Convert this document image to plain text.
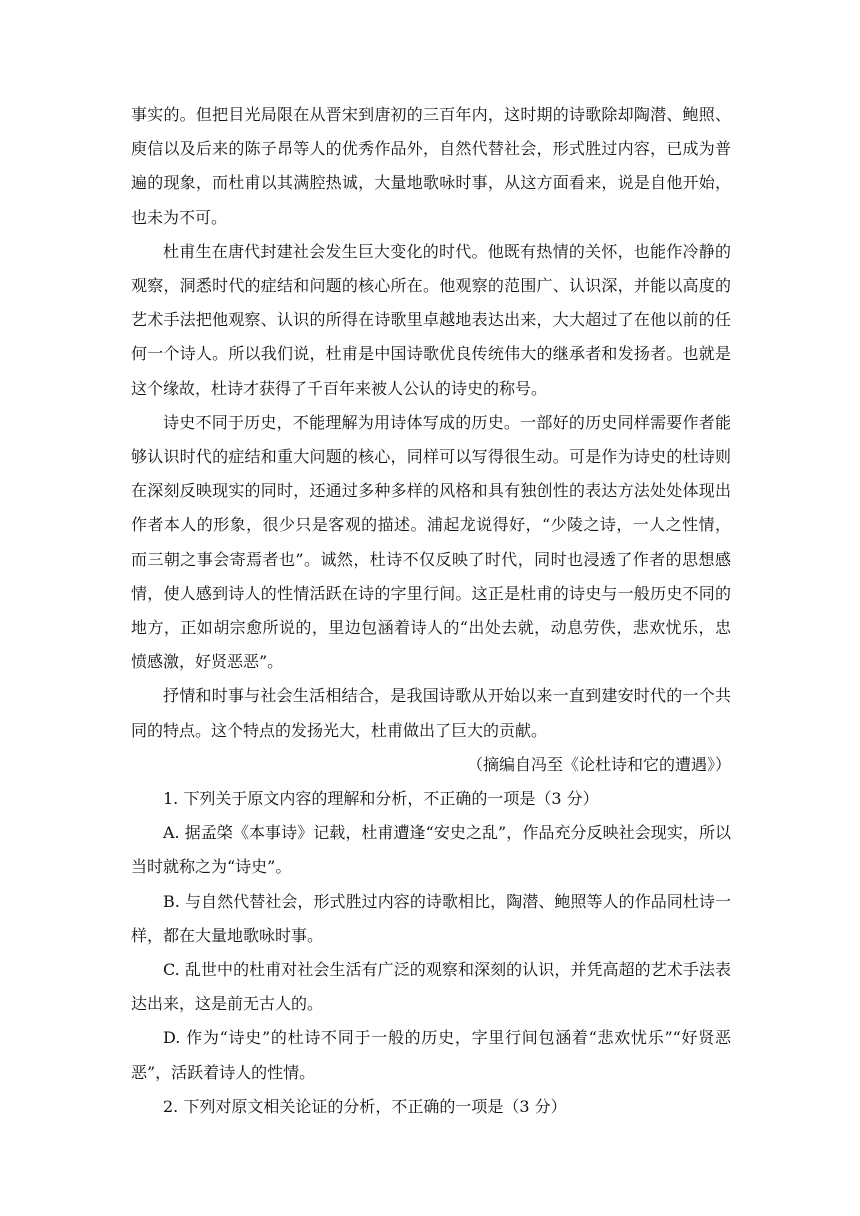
事实的。但把目光局限在从晋宋到唐初的三百年内，这时期的诗歌除却陶潜、鲍照、庾信以及后来的陈子昂等人的优秀作品外，自然代替社会，形式胜过内容，已成为普遍的现象，而杜甫以其满腔热诚，大量地歌咏时事，从这方面看来，说是自他开始，也未为不可。

杜甫生在唐代封建社会发生巨大变化的时代。他既有热情的关怀，也能作冷静的观察，洞悉时代的症结和问题的核心所在。他观察的范围广、认识深，并能以高度的艺术手法把他观察、认识的所得在诗歌里卓越地表达出来，大大超过了在他以前的任何一个诗人。所以我们说，杜甫是中国诗歌优良传统伟大的继承者和发扬者。也就是这个缘故，杜诗才获得了千百年来被人公认的诗史的称号。

诗史不同于历史，不能理解为用诗体写成的历史。一部好的历史同样需要作者能够认识时代的症结和重大问题的核心，同样可以写得很生动。可是作为诗史的杜诗则在深刻反映现实的同时，还通过多种多样的风格和具有独创性的表达方法处处体现出作者本人的形象，很少只是客观的描述。浦起龙说得好，“少陵之诗，一人之性情，而三朝之事会寄焉者也”。诚然，杜诗不仅反映了时代，同时也浸透了作者的思想感情，使人感到诗人的性情活跃在诗的字里行间。这正是杜甫的诗史与一般历史不同的地方，正如胡宗愈所说的，里边包涵着诗人的“出处去就，动息劳佚，悲欢忧乐，忠愤感激，好贤恶恶”。

抒情和时事与社会生活相结合，是我国诗歌从开始以来一直到建安时代的一个共同的特点。这个特点的发扬光大，杜甫做出了巨大的贡献。

（摘编自冯至《论杜诗和它的遭遇》）

1. 下列关于原文内容的理解和分析，不正确的一项是（3 分）

A. 据孟棨《本事诗》记载，杜甫遭逢“安史之乱”，作品充分反映社会现实，所以当时就称之为“诗史”。

B. 与自然代替社会，形式胜过内容的诗歌相比，陶潜、鲍照等人的作品同杜诗一样，都在大量地歌咏时事。

C. 乱世中的杜甫对社会生活有广泛的观察和深刻的认识，并凭高超的艺术手法表达出来，这是前无古人的。

D. 作为“诗史”的杜诗不同于一般的历史，字里行间包涵着“悲欢忧乐”“好贤恶恶”，活跃着诗人的性情。

2. 下列对原文相关论证的分析，不正确的一项是（3 分）
